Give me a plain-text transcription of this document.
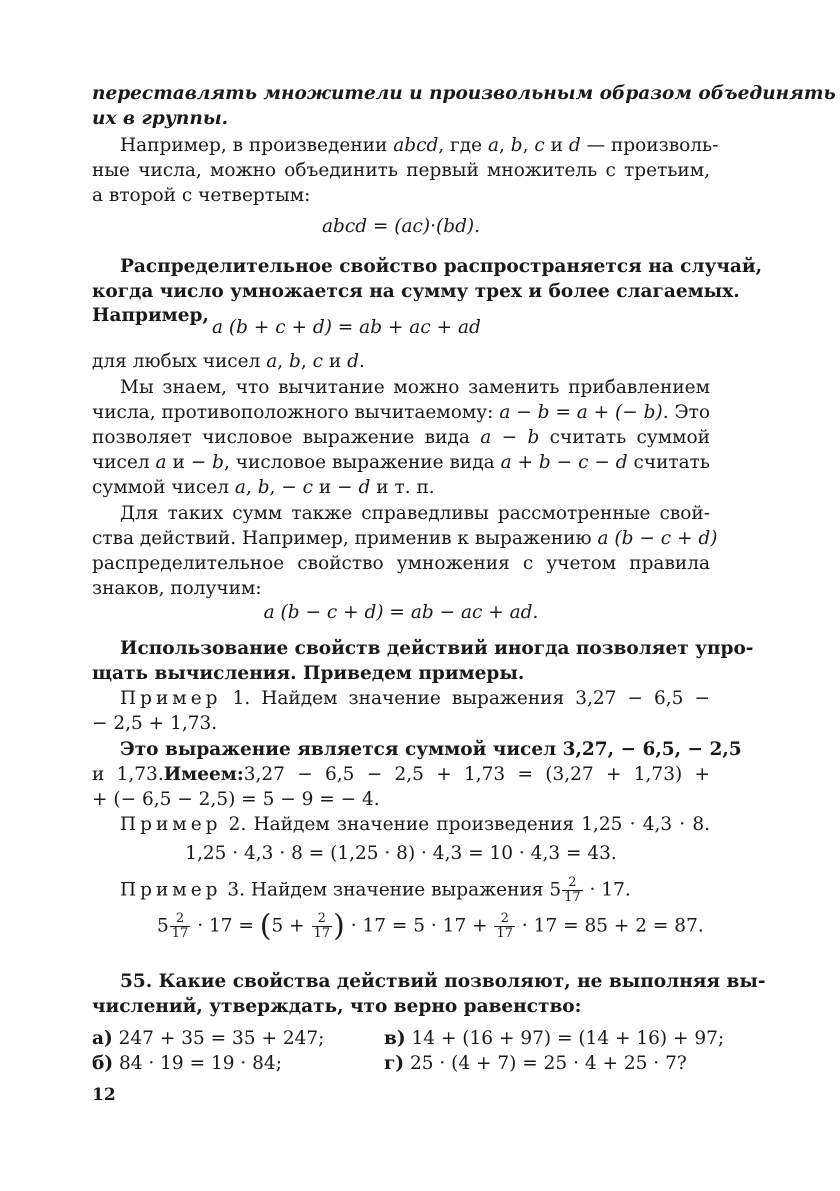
переставлять множители и произвольным образом объединять
их в группы.
Например, в произведении abcd, где a, b, c и d — произволь-
ные числа, можно объединить первый множитель с третьим,
а второй с четвертым:
abcd = (ac)·(bd).
Распределительное свойство распространяется на случай,
когда число умножается на сумму трех и более слагаемых.
Например,
a (b + c + d) = ab + ac + ad
для любых чисел a, b, c и d.
Мы знаем, что вычитание можно заменить прибавлением
числа, противоположного вычитаемому: a − b = a + (− b). Это
позволяет числовое выражение вида a − b считать суммой
чисел a и − b, числовое выражение вида a + b − c − d считать
суммой чисел a, b, − c и − d и т. п.
Для таких сумм также справедливы рассмотренные свой-
ства действий. Например, применив к выражению a (b − c + d)
распределительное свойство умножения с учетом правила
знаков, получим:
a (b − c + d) = ab − ac + ad.
Использование свойств действий иногда позволяет упро-
щать вычисления. Приведем примеры.
Пример 1. Найдем значение выражения 3,27 − 6,5 −
− 2,5 + 1,73.
Это выражение является суммой чисел 3,27, − 6,5, − 2,5
и 1,73.Имеем:3,27 − 6,5 − 2,5 + 1,73 = (3,27 + 1,73) +
+ (− 6,5 − 2,5) = 5 − 9 = − 4.
Пример 2. Найдем значение произведения 1,25 · 4,3 · 8.
1,25 · 4,3 · 8 = (1,25 · 8) · 4,3 = 10 · 4,3 = 43.
Пример 3. Найдем значение выражения $5 \frac{2}{17} \cdot 17$.
$5 \frac{2}{17} \cdot 17 = (5 + \frac{2}{17}$ ) · $17 = 5 \cdot 17 + \frac{2}{17} \cdot 17 = 85 + 2 = 87$.
55. Какие свойства действий позволяют, не выполняя вы-
числений, утверждать, что верно равенство:
а) 247 + 35 = 35 + 247;	в) 14 + (16 + 97) = (14 + 16) + 97;
б) 84 · 19 = 19 · 84;	г) 25 · (4 + 7) = 25 · 4 + 25 · 7?
12
